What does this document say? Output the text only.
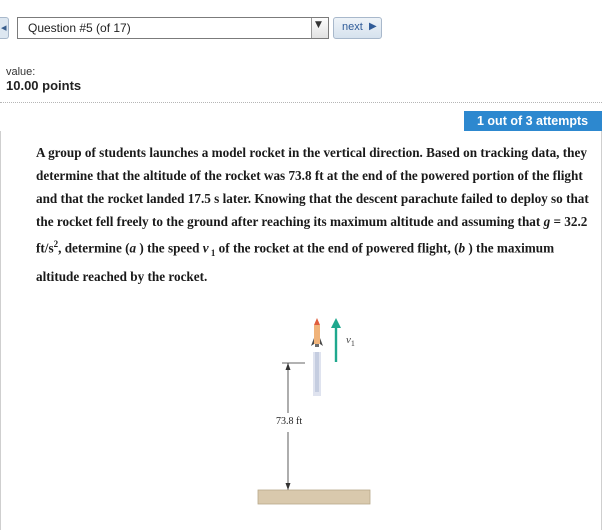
◂ Question #5 (of 17)	▼ next ▶
value:
10.00 points
1 out of 3 attempts
A group of students launches a model rocket in the vertical direction. Based on tracking data, they determine that the altitude of the rocket was 73.8 ft at the end of the powered portion of the flight and that the rocket landed 17.5 s later. Knowing that the descent parachute failed to deploy so that the rocket fell freely to the ground after reaching its maximum altitude and assuming that g = 32.2 $ft/s^2$, determine (a ) the speed v $_1$ of the rocket at the end of powered flight, (b ) the maximum altitude reached by the rocket.
73.8 ft
$v_1$
